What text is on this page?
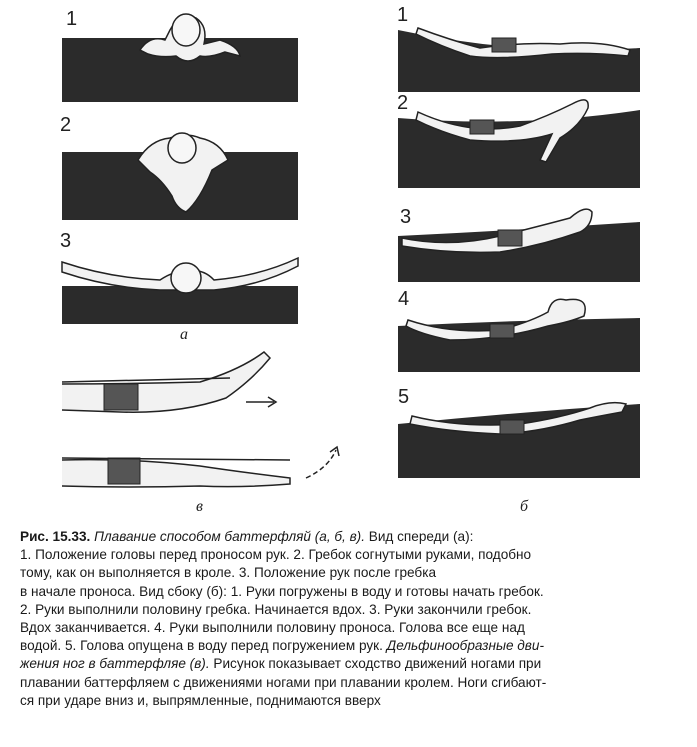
1
2
3
а
1
2
3
4
5
б
в
Рис. 15.33. Плавание способом баттерфляй (а, б, в). Вид спереди (а):
1. Положение головы перед проносом рук. 2. Гребок согнутыми руками, подобно
тому, как он выполняется в кроле. 3. Положение рук после гребка
в начале проноса. Вид сбоку (б): 1. Руки погружены в воду и готовы начать гребок.
2. Руки выполнили половину гребка. Начинается вдох. 3. Руки закончили гребок.
Вдох заканчивается. 4. Руки выполнили половину проноса. Голова все еще над
водой. 5. Голова опущена в воду перед погружением рук. Дельфинообразные дви-
жения ног в баттерфляе (в). Рисунок показывает сходство движений ногами при
плавании баттерфляем с движениями ногами при плавании кролем. Ноги сгибают-
ся при ударе вниз и, выпрямленные, поднимаются вверх
